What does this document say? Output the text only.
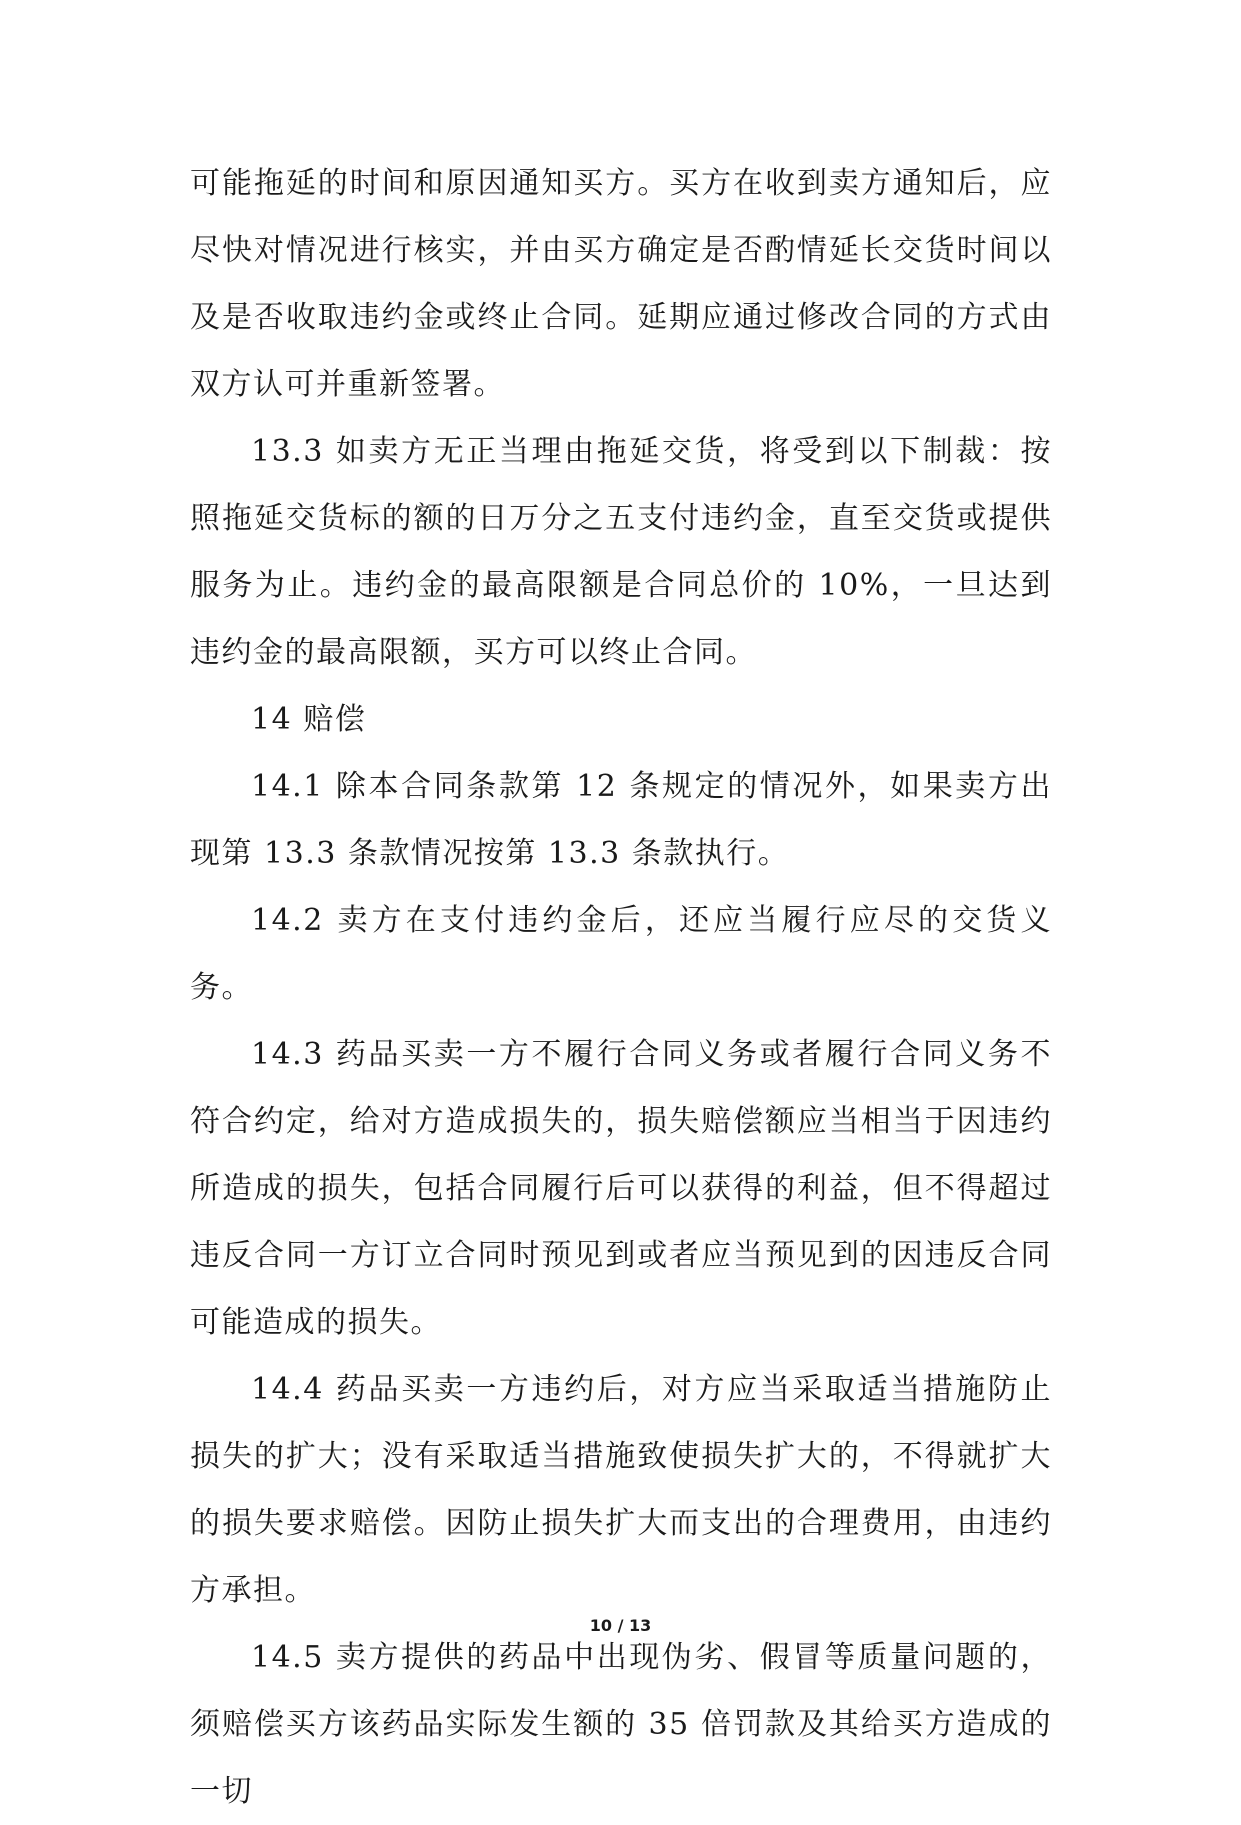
可能拖延的时间和原因通知买方。买方在收到卖方通知后，应尽快对情况进行核实，并由买方确定是否酌情延长交货时间以及是否收取违约金或终止合同。延期应通过修改合同的方式由双方认可并重新签署。

13.3 如卖方无正当理由拖延交货，将受到以下制裁：按照拖延交货标的额的日万分之五支付违约金，直至交货或提供服务为止。违约金的最高限额是合同总价的 10%，一旦达到违约金的最高限额，买方可以终止合同。

14 赔偿

14.1 除本合同条款第 12 条规定的情况外，如果卖方出现第 13.3 条款情况按第 13.3 条款执行。

14.2 卖方在支付违约金后，还应当履行应尽的交货义务。

14.3 药品买卖一方不履行合同义务或者履行合同义务不符合约定，给对方造成损失的，损失赔偿额应当相当于因违约所造成的损失，包括合同履行后可以获得的利益，但不得超过违反合同一方订立合同时预见到或者应当预见到的因违反合同可能造成的损失。

14.4 药品买卖一方违约后，对方应当采取适当措施防止损失的扩大；没有采取适当措施致使损失扩大的，不得就扩大的损失要求赔偿。因防止损失扩大而支出的合理费用，由违约方承担。

14.5 卖方提供的药品中出现伪劣、假冒等质量问题的，须赔偿买方该药品实际发生额的 35 倍罚款及其给买方造成的一切

10 / 13
